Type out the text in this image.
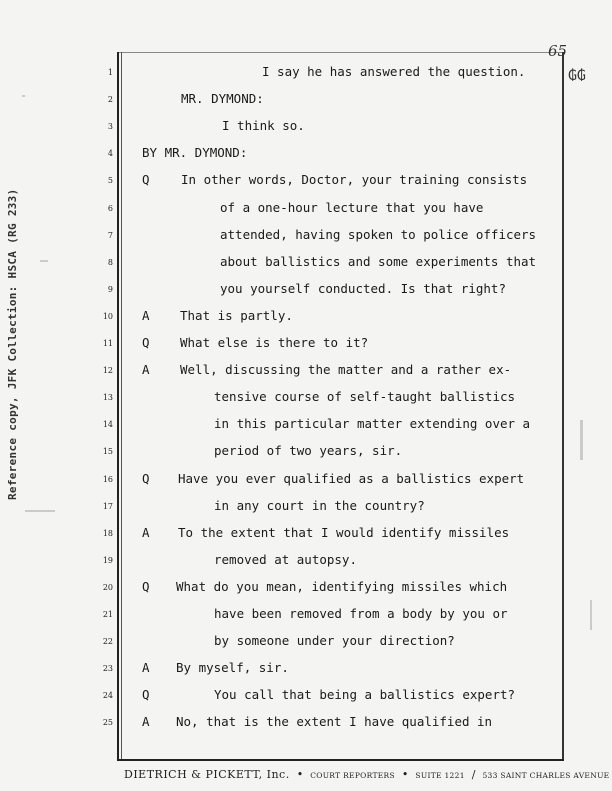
Reference copy, JFK Collection: HSCA (RG 233)
65
₲₲
1	I say he has answered the question.
2	MR. DYMOND:
3	I think so.
4 BY MR. DYMOND:
5 Q	In other words, Doctor, your training consists
6	of a one-hour lecture that you have
7	attended, having spoken to police officers
8	about ballistics and some experiments that
9	you yourself conducted. Is that right?
10 A That is partly.
11 Q What else is there to it?
12 A Well, discussing the matter and a rather ex-
13	tensive course of self-taught ballistics
14	in this particular matter extending over a
15	period of two years, sir.
16 Q Have you ever qualified as a ballistics expert
17	in any court in the country?
18 A To the extent that I would identify missiles
19	removed at autopsy.
20 Q What do you mean, identifying missiles which
21	have been removed from a body by you or
22	by someone under your direction?
23 A By myself, sir.
24 Q	You call that being a ballistics expert?
25 A No, that is the extent I have qualified in
DIETRICH & PICKETT, Inc.  •  COURT REPORTERS  •  SUITE 1221  /  533 SAINT CHARLES AVENUE
